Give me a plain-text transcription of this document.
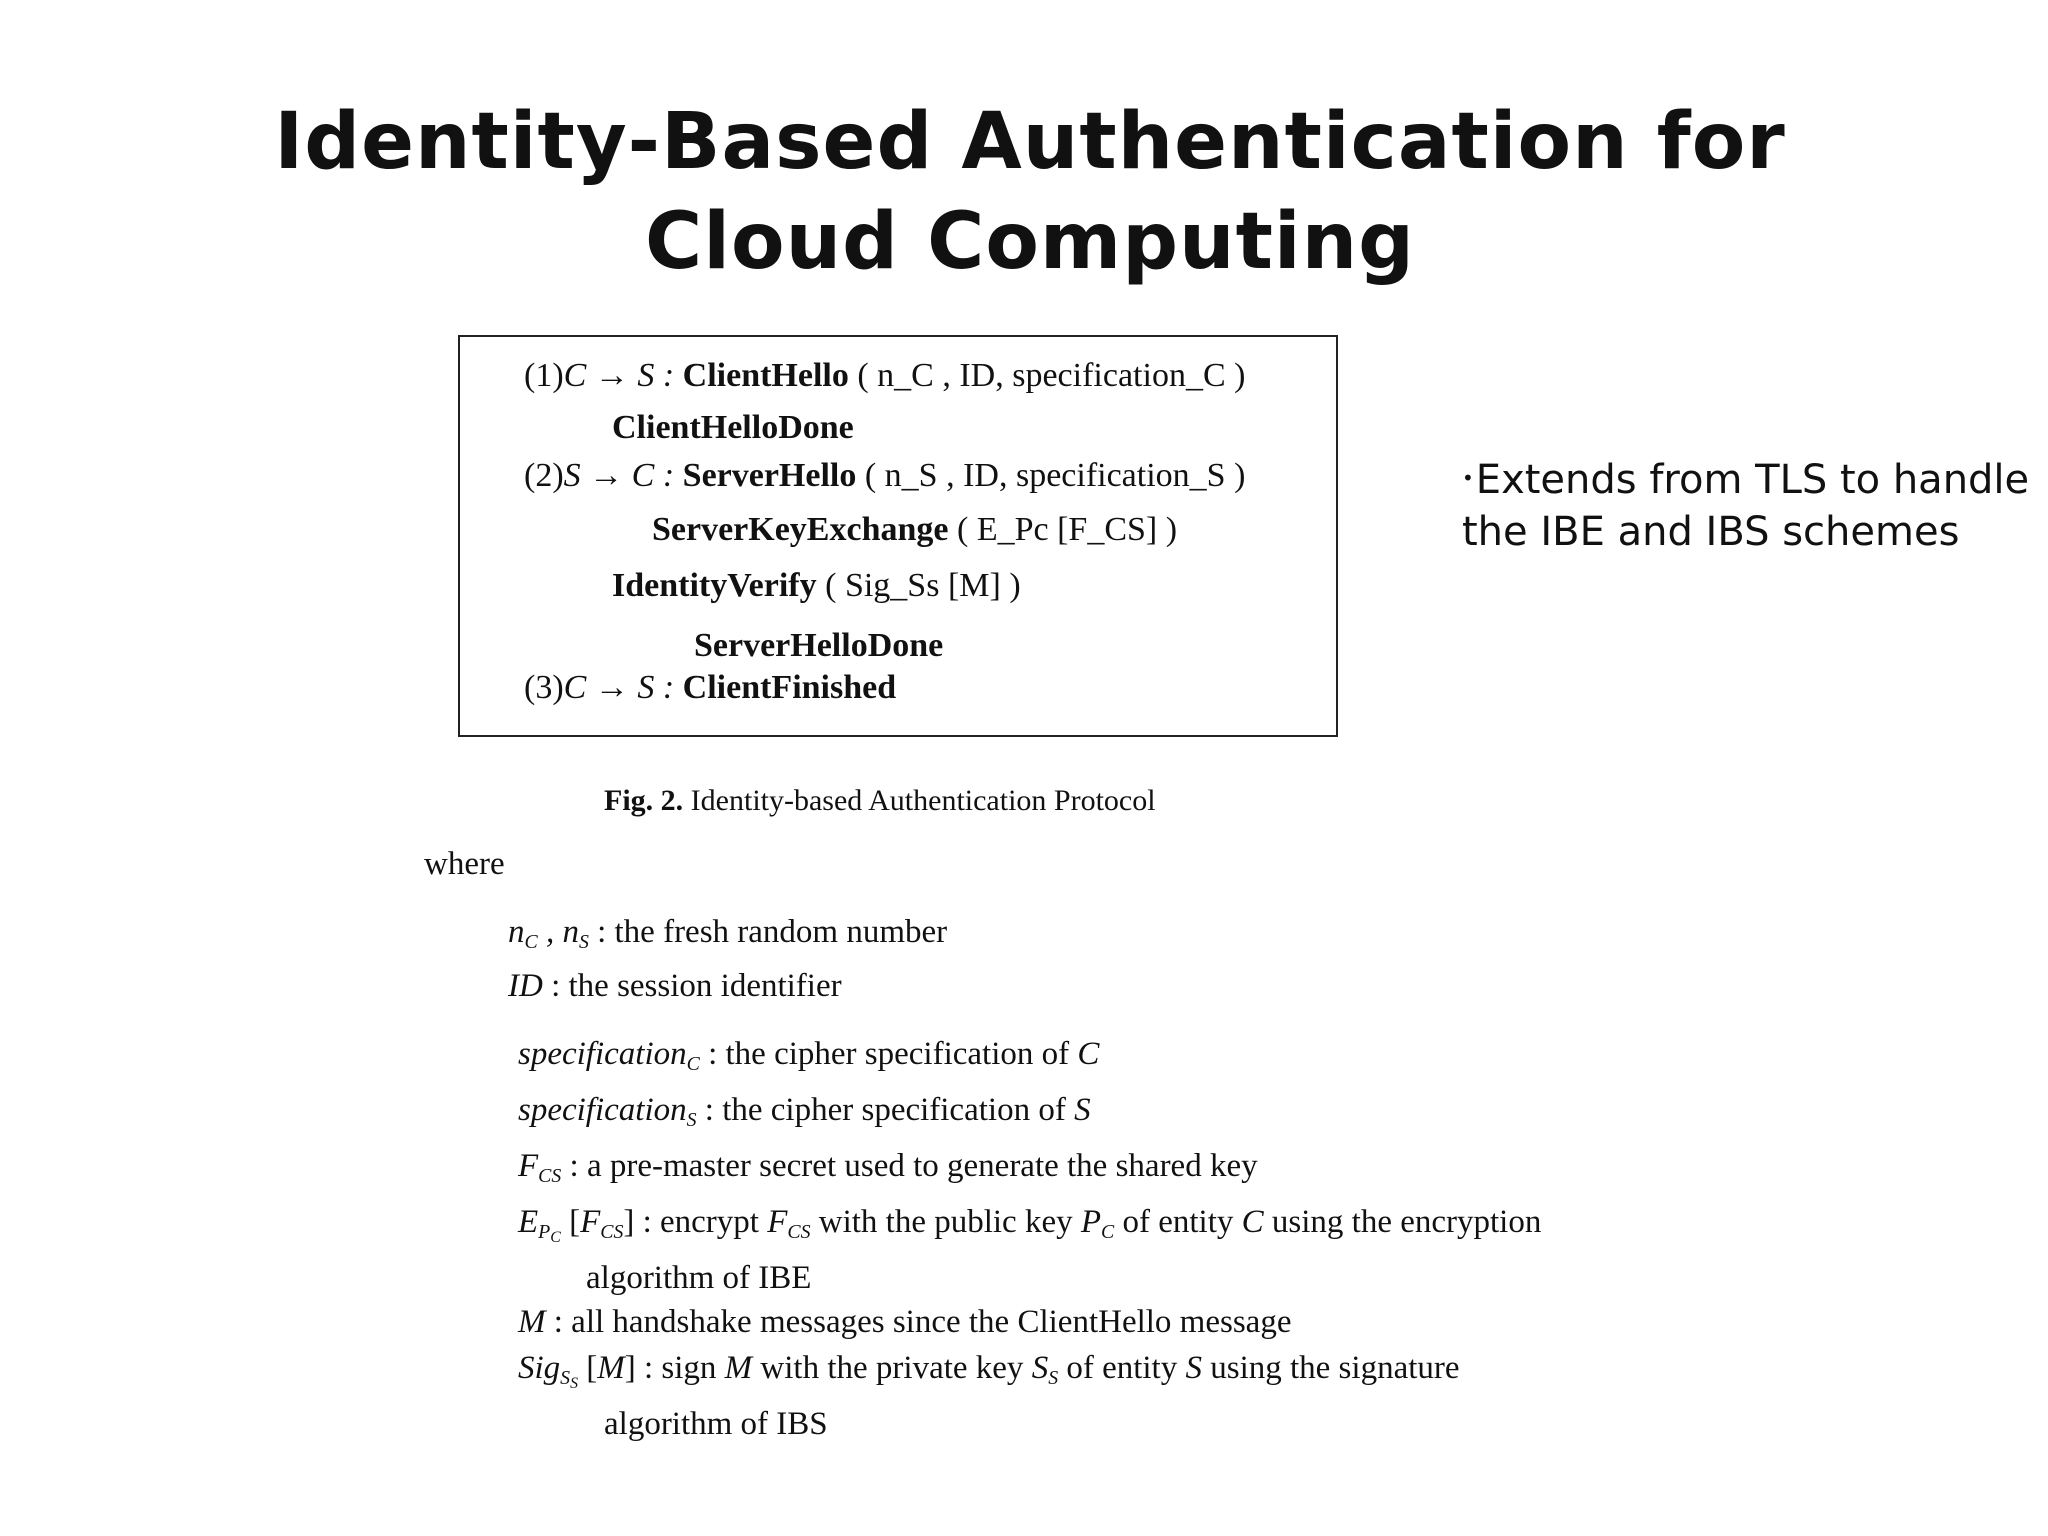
Identity-Based Authentication for Cloud Computing
(1)C → S : ClientHello ( n_C , ID, specification_C )
ClientHelloDone
(2)S → C : ServerHello ( n_S , ID, specification_S )
ServerKeyExchange ( E_Pc [F_CS] )
IdentityVerify ( Sig_Ss [M] )
ServerHelloDone
(3)C → S : ClientFinished
•Extends from TLS to handle the IBE and IBS schemes
Fig. 2. Identity-based Authentication Protocol
where
$n_C$ , $n_S$ : the fresh random number
ID : the session identifier
specification$_C$ : the cipher specification of C
specification$_S$ : the cipher specification of S
$F_{CS}$ : a pre-master secret used to generate the shared key
$E_{P_C}$ $[F_{CS}]$ : encrypt $F_{CS}$ with the public key $P_C$ of entity C using the encryption
algorithm of IBE
M : all handshake messages since the ClientHello message
Sig$_{S_S}$ [M] : sign M with the private key $S_S$ of entity S using the signature
algorithm of IBS
